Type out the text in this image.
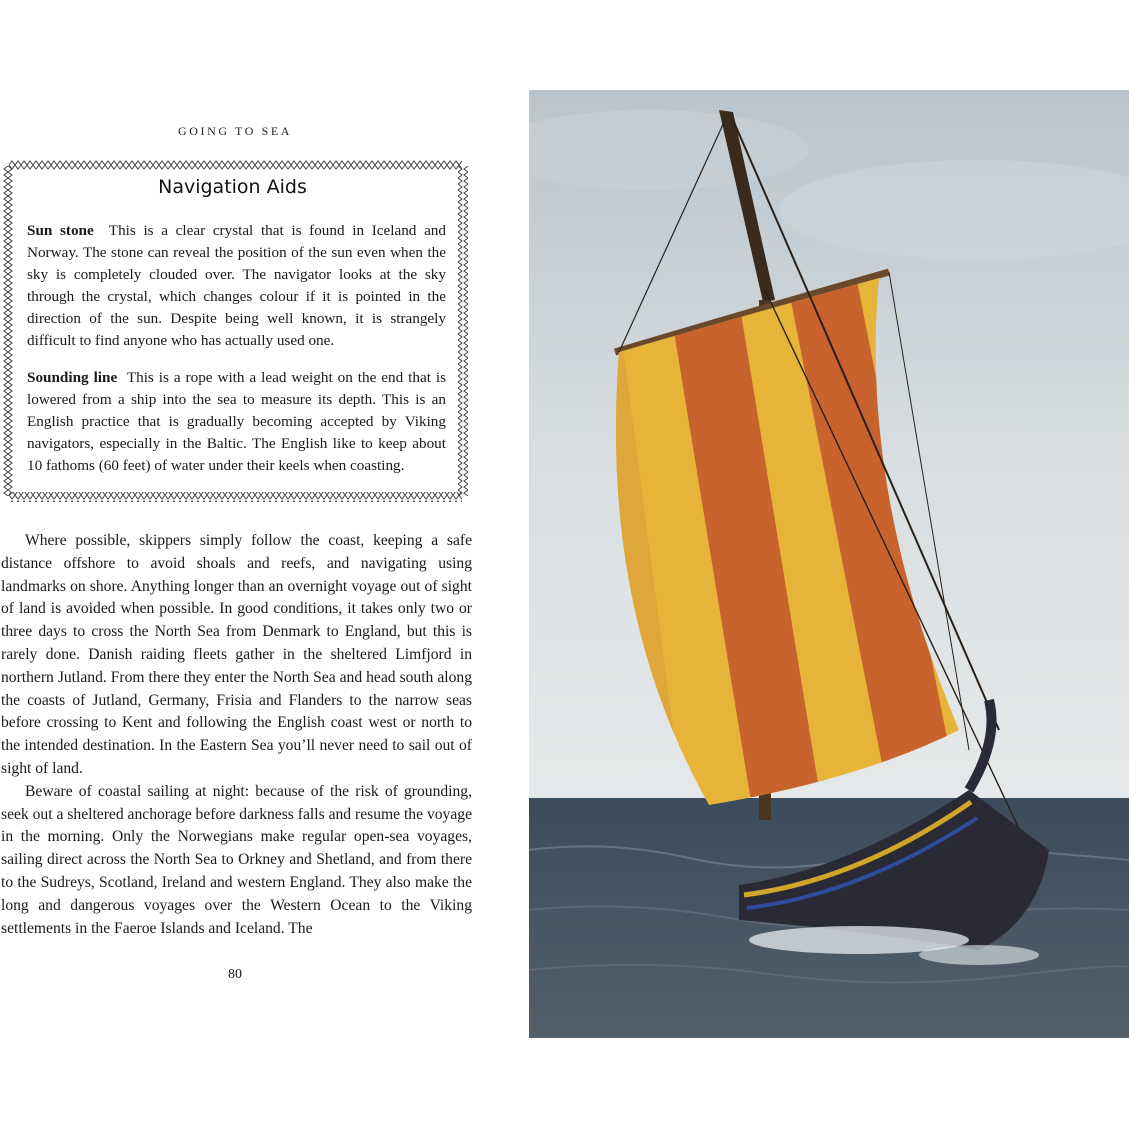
GOING TO SEA
Navigation Aids
Sun stone This is a clear crystal that is found in Iceland and Norway. The stone can reveal the position of the sun even when the sky is completely clouded over. The navigator looks at the sky through the crystal, which changes colour if it is pointed in the direction of the sun. Despite being well known, it is strangely difficult to find anyone who has actually used one.
Sounding line This is a rope with a lead weight on the end that is lowered from a ship into the sea to measure its depth. This is an English practice that is gradually becoming accepted by Viking navigators, especially in the Baltic. The English like to keep about 10 fathoms (60 feet) of water under their keels when coasting.

Where possible, skippers simply follow the coast, keeping a safe distance offshore to avoid shoals and reefs, and navigating using landmarks on shore. Anything longer than an overnight voyage out of sight of land is avoided when possible. In good conditions, it takes only two or three days to cross the North Sea from Denmark to England, but this is rarely done. Danish raiding fleets gather in the sheltered Limfjord in northern Jutland. From there they enter the North Sea and head south along the coasts of Jutland, Germany, Frisia and Flanders to the narrow seas before crossing to Kent and following the English coast west or north to the intended destination. In the Eastern Sea you’ll never need to sail out of sight of land.

Beware of coastal sailing at night: because of the risk of grounding, seek out a sheltered anchorage before darkness falls and resume the voyage in the morning. Only the Norwegians make regular open-sea voyages, sailing direct across the North Sea to Orkney and Shetland, and from there to the Sudreys, Scotland, Ireland and western England. They also make the long and dangerous voyages over the Western Ocean to the Viking settlements in the Faeroe Islands and Iceland. The

80
